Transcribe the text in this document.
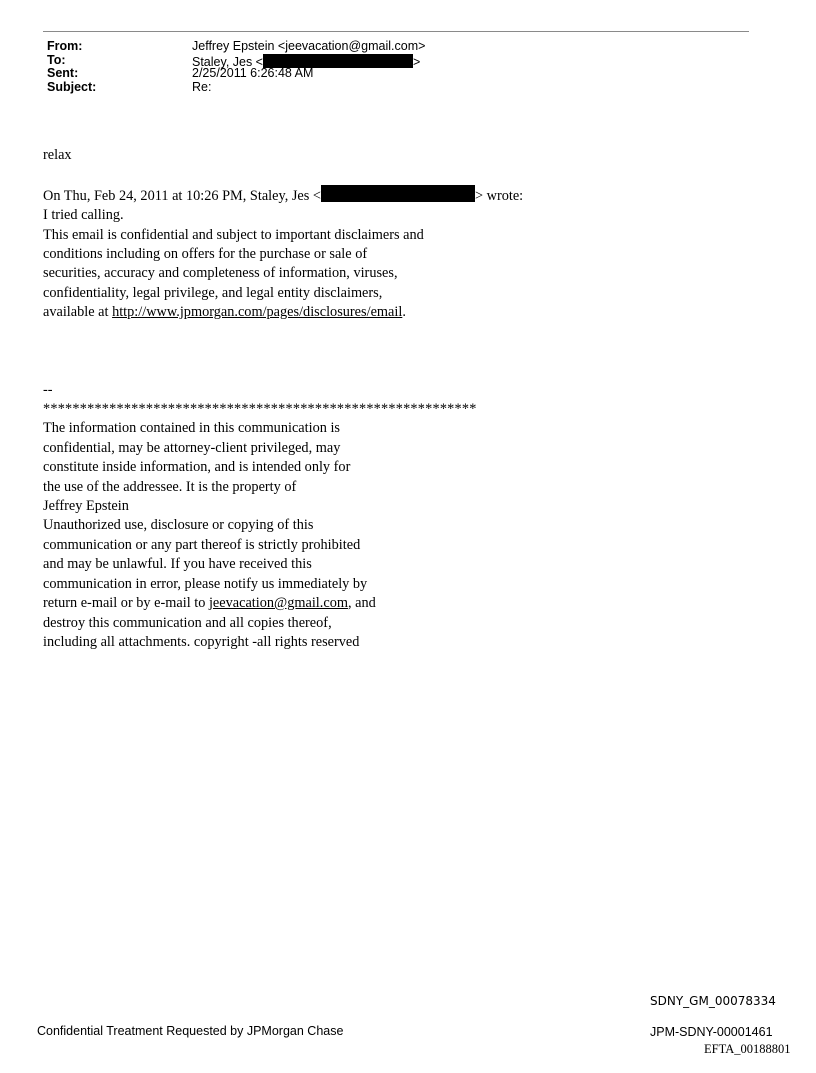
From:	Jeffrey Epstein <jeevacation@gmail.com>
To:	Staley, Jes <	>
Sent:	2/25/2011 6:26:48 AM
Subject:	Re:

relax

On Thu, Feb 24, 2011 at 10:26 PM, Staley, Jes <	> wrote:

I tried calling.

This email is confidential and subject to important disclaimers and

conditions including on offers for the purchase or sale of

securities, accuracy and completeness of information, viruses,

confidentiality, legal privilege, and legal entity disclaimers,

available at http://www.jpmorgan.com/pages/disclosures/email.

--

***********************************************************

The information contained in this communication is

confidential, may be attorney-client privileged, may

constitute inside information, and is intended only for

the use of the addressee. It is the property of

Jeffrey Epstein

Unauthorized use, disclosure or copying of this

communication or any part thereof is strictly prohibited

and may be unlawful. If you have received this

communication in error, please notify us immediately by

return e-mail or by e-mail to jeevacation@gmail.com, and

destroy this communication and all copies thereof,

including all attachments. copyright -all rights reserved

SDNY_GM_00078334
Confidential Treatment Requested by JPMorgan Chase	JPM-SDNY-00001461
EFTA_00188801
